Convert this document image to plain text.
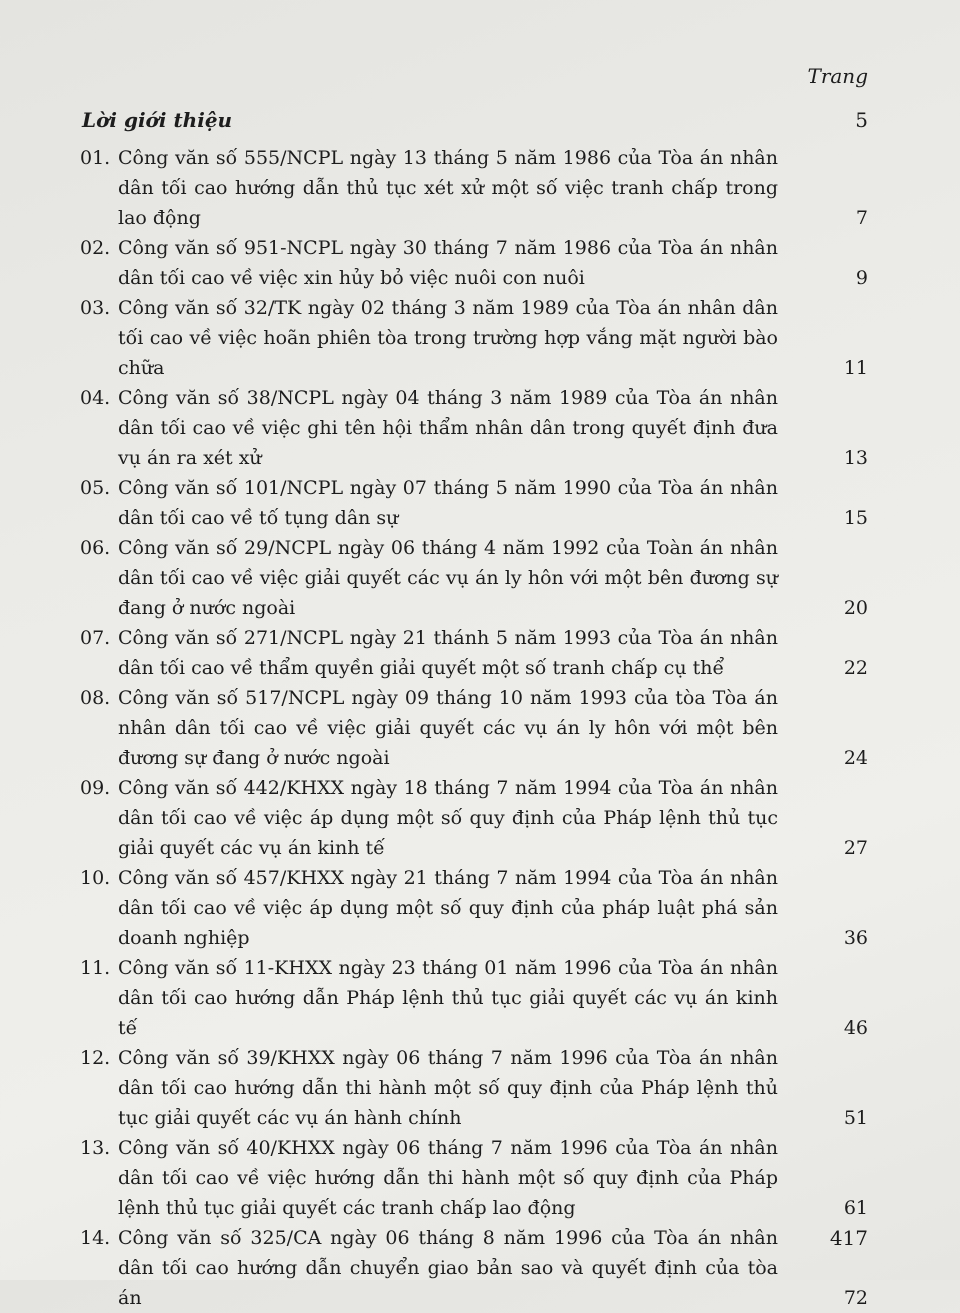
Trang
Lời giới thiệu	5
01. Công văn số 555/NCPL ngày 13 tháng 5 năm 1986 của Tòa án nhân dân tối cao hướng dẫn thủ tục xét xử một số việc tranh chấp trong lao động	7
02. Công văn số 951-NCPL ngày 30 tháng 7 năm 1986 của Tòa án nhân dân tối cao về việc xin hủy bỏ việc nuôi con nuôi	9
03. Công văn số 32/TK ngày 02 tháng 3 năm 1989 của Tòa án nhân dân tối cao về việc hoãn phiên tòa trong trường hợp vắng mặt người bào chữa	11
04. Công văn số 38/NCPL ngày 04 tháng 3 năm 1989 của Tòa án nhân dân tối cao về việc ghi tên hội thẩm nhân dân trong quyết định đưa vụ án ra xét xử	13
05. Công văn số 101/NCPL ngày 07 tháng 5 năm 1990 của Tòa án nhân dân tối cao về tố tụng dân sự	15
06. Công văn số 29/NCPL ngày 06 tháng 4 năm 1992 của Toàn án nhân dân tối cao về việc giải quyết các vụ án ly hôn với một bên đương sự đang ở nước ngoài	20
07. Công văn số 271/NCPL ngày 21 thánh 5 năm 1993 của Tòa án nhân dân tối cao về thẩm quyền giải quyết một số tranh chấp cụ thể	22
08. Công văn số 517/NCPL ngày 09 tháng 10 năm 1993 của tòa Tòa án nhân dân tối cao về việc giải quyết các vụ án ly hôn với một bên đương sự đang ở nước ngoài	24
09. Công văn số 442/KHXX ngày 18 tháng 7 năm 1994 của Tòa án nhân dân tối cao về việc áp dụng một số quy định của Pháp lệnh thủ tục giải quyết các vụ án kinh tế	27
10. Công văn số 457/KHXX ngày 21 tháng 7 năm 1994 của Tòa án nhân dân tối cao về việc áp dụng một số quy định của pháp luật phá sản doanh nghiệp	36
11. Công văn số 11-KHXX ngày 23 tháng 01 năm 1996 của Tòa án nhân dân tối cao hướng dẫn Pháp lệnh thủ tục giải quyết các vụ án kinh tế	46
12. Công văn số 39/KHXX ngày 06 tháng 7 năm 1996 của Tòa án nhân dân tối cao hướng dẫn thi hành một số quy định của Pháp lệnh thủ tục giải quyết các vụ án hành chính	51
13. Công văn số 40/KHXX ngày 06 tháng 7 năm 1996 của Tòa án nhân dân tối cao về việc hướng dẫn thi hành một số quy định của Pháp lệnh thủ tục giải quyết các tranh chấp lao động	61
14. Công văn số 325/CA ngày 06 tháng 8 năm 1996 của Tòa án nhân dân tối cao hướng dẫn chuyển giao bản sao và quyết định của tòa án	72
417
